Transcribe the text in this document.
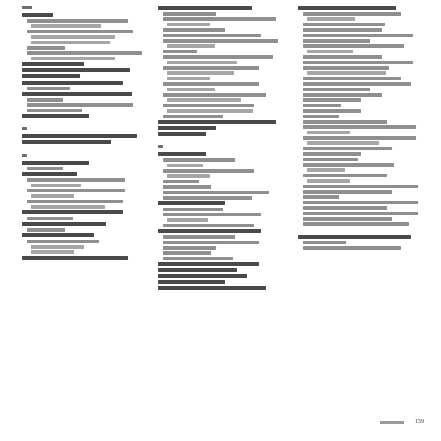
159
